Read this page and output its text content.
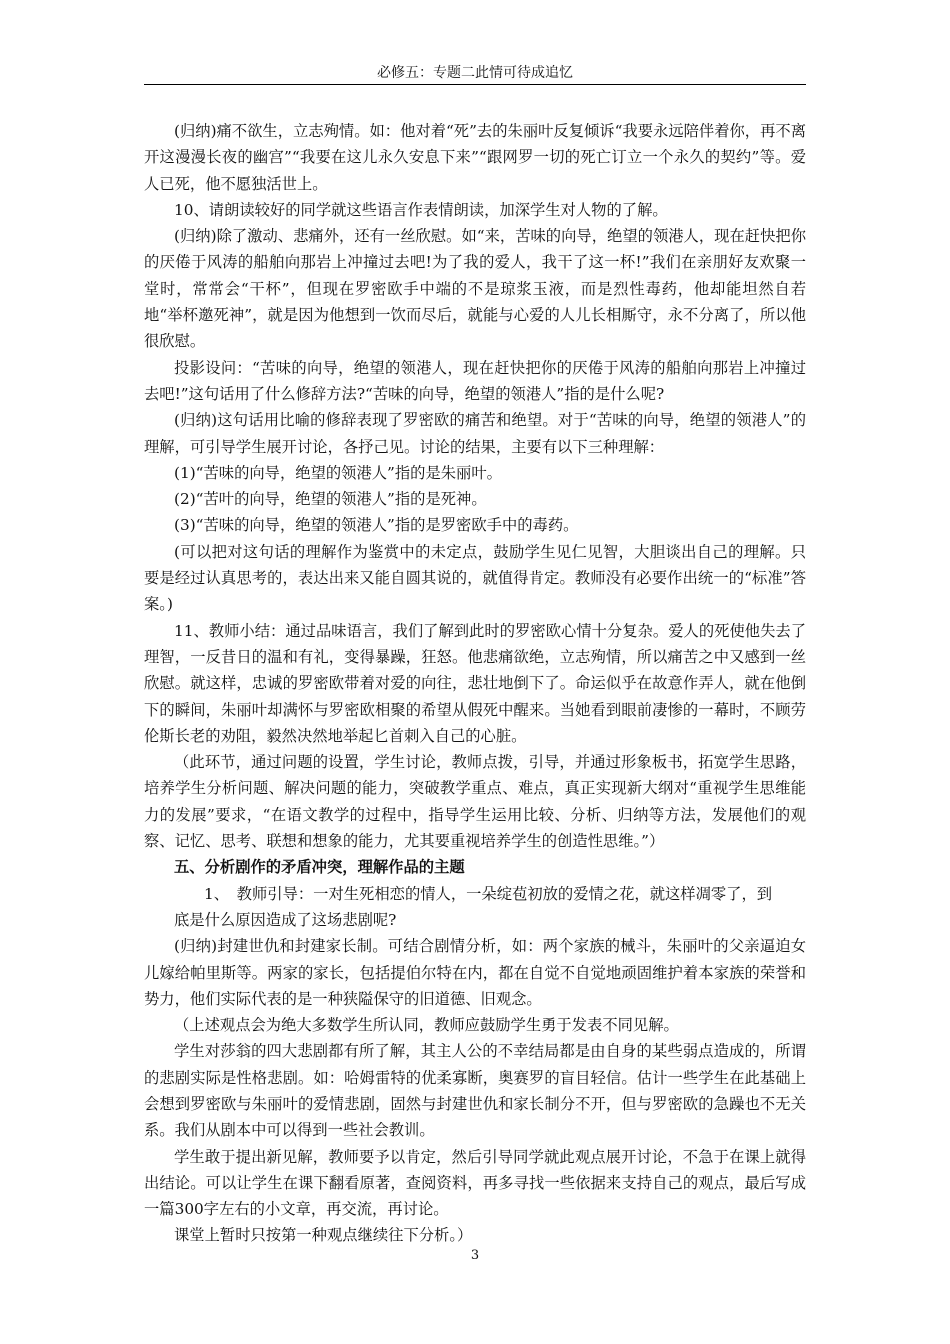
必修五：专题二此情可待成追忆

(归纳)痛不欲生，立志殉情。如：他对着“死”去的朱丽叶反复倾诉“我要永远陪伴着你，再不离开这漫漫长夜的幽宫”“我要在这儿永久安息下来”“跟网罗一切的死亡订立一个永久的契约”等。爱人已死，他不愿独活世上。

10、请朗读较好的同学就这些语言作表情朗读，加深学生对人物的了解。

(归纳)除了激动、悲痛外，还有一丝欣慰。如“来，苦味的向导，绝望的领港人，现在赶快把你的厌倦于风涛的船舶向那岩上冲撞过去吧!为了我的爱人，我干了这一杯!”我们在亲朋好友欢聚一堂时，常常会“干杯”，但现在罗密欧手中端的不是琼浆玉液，而是烈性毒药，他却能坦然自若地“举杯邀死神”，就是因为他想到一饮而尽后，就能与心爱的人儿长相厮守，永不分离了，所以他很欣慰。

投影设问：“苦味的向导，绝望的领港人，现在赶快把你的厌倦于风涛的船舶向那岩上冲撞过去吧!”这句话用了什么修辞方法?“苦味的向导，绝望的领港人”指的是什么呢?

(归纳)这句话用比喻的修辞表现了罗密欧的痛苦和绝望。对于“苦味的向导，绝望的领港人”的理解，可引导学生展开讨论，各抒己见。讨论的结果，主要有以下三种理解：

(1)“苦味的向导，绝望的领港人”指的是朱丽叶。

(2)“苦叶的向导，绝望的领港人”指的是死神。

(3)“苦味的向导，绝望的领港人”指的是罗密欧手中的毒药。

(可以把对这句话的理解作为鉴赏中的未定点，鼓励学生见仁见智，大胆谈出自己的理解。只要是经过认真思考的，表达出来又能自圆其说的，就值得肯定。教师没有必要作出统一的“标准”答案。)

11、教师小结：通过品味语言，我们了解到此时的罗密欧心情十分复杂。爱人的死使他失去了理智，一反昔日的温和有礼，变得暴躁，狂怒。他悲痛欲绝，立志殉情，所以痛苦之中又感到一丝欣慰。就这样，忠诚的罗密欧带着对爱的向往，悲壮地倒下了。命运似乎在故意作弄人，就在他倒下的瞬间，朱丽叶却满怀与罗密欧相聚的希望从假死中醒来。当她看到眼前凄惨的一幕时，不顾劳伦斯长老的劝阻，毅然决然地举起匕首刺入自己的心脏。

（此环节，通过问题的设置，学生讨论，教师点拨，引导，并通过形象板书，拓宽学生思路，培养学生分析问题、解决问题的能力，突破教学重点、难点，真正实现新大纲对“重视学生思维能力的发展”要求，“在语文教学的过程中，指导学生运用比较、分析、归纳等方法，发展他们的观察、记忆、思考、联想和想象的能力，尤其要重视培养学生的创造性思维。”）

五、分析剧作的矛盾冲突，理解作品的主题

1、　教师引导：一对生死相恋的情人，一朵绽苞初放的爱情之花，就这样凋零了，到

底是什么原因造成了这场悲剧呢?

(归纳)封建世仇和封建家长制。可结合剧情分析，如：两个家族的械斗，朱丽叶的父亲逼迫女儿嫁给帕里斯等。两家的家长，包括提伯尔特在内，都在自觉不自觉地顽固维护着本家族的荣誉和势力，他们实际代表的是一种狭隘保守的旧道德、旧观念。

（上述观点会为绝大多数学生所认同，教师应鼓励学生勇于发表不同见解。

学生对莎翁的四大悲剧都有所了解，其主人公的不幸结局都是由自身的某些弱点造成的，所谓的悲剧实际是性格悲剧。如：哈姆雷特的优柔寡断，奥赛罗的盲目轻信。估计一些学生在此基础上会想到罗密欧与朱丽叶的爱情悲剧，固然与封建世仇和家长制分不开，但与罗密欧的急躁也不无关系。我们从剧本中可以得到一些社会教训。

学生敢于提出新见解，教师要予以肯定，然后引导同学就此观点展开讨论，不急于在课上就得出结论。可以让学生在课下翻看原著，查阅资料，再多寻找一些依据来支持自己的观点，最后写成一篇300字左右的小文章，再交流，再讨论。

课堂上暂时只按第一种观点继续往下分析。）

3
